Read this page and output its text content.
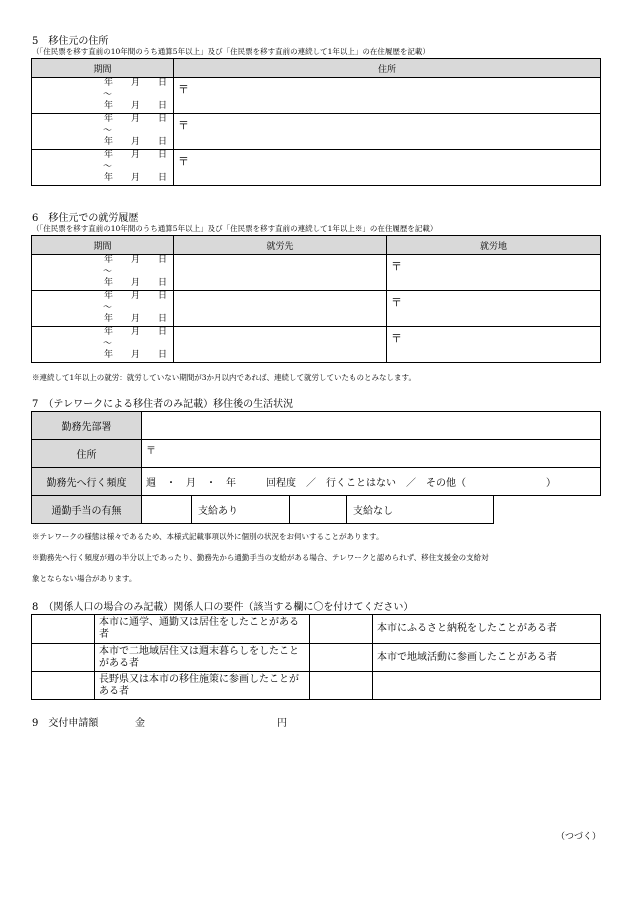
5　移住元の住所
（「住民票を移す直前の10年間のうち通算5年以上」及び「住民票を移す直前の連続して1年以上」の在住履歴を記載）
期間	住所

年　　月　　日
～
年　　月　　日	〒

年　　月　　日
～
年　　月　　日	〒

年　　月　　日
～
年　　月　　日	〒
6　移住元での就労履歴
（「住民票を移す直前の10年間のうち通算5年以上」及び「住民票を移す直前の連続して1年以上※」の在住履歴を記載）
期間	就労先	就労地

年　　月　　日
～
年　　月　　日		〒

年　　月　　日
～
年　　月　　日		〒

年　　月　　日
～
年　　月　　日		〒
※連続して1年以上の就労：就労していない期間が3か月以内であれば、連続して就労していたものとみなします。
7　（テレワークによる移住者のみ記載）移住後の生活状況
勤務先部署					
住所	〒				
勤務先へ行く頻度	週　・　月　・　年　　　回程度　／　行くことはない　／　その他（　　　　　　　　）				
通勤手当の有無		支給あり		支給なし	
※テレワークの様態は様々であるため、本様式記載事項以外に個別の状況をお伺いすることがあります。
※勤務先へ行く頻度が週の半分以上であったり、勤務先から通勤手当の支給がある場合、テレワークと認められず、移住支援金の支給対
象とならない場合があります。
8　（関係人口の場合のみ記載）関係人口の要件（該当する欄に〇を付けてください）
	本市に通学、通勤又は居住をしたことがある者		本市にふるさと納税をしたことがある者
	本市で二地域居住又は週末暮らしをしたことがある者		本市で地域活動に参画したことがある者
	長野県又は本市の移住施策に参画したことがある者		
9　交付申請額	金	円
（つづく）
